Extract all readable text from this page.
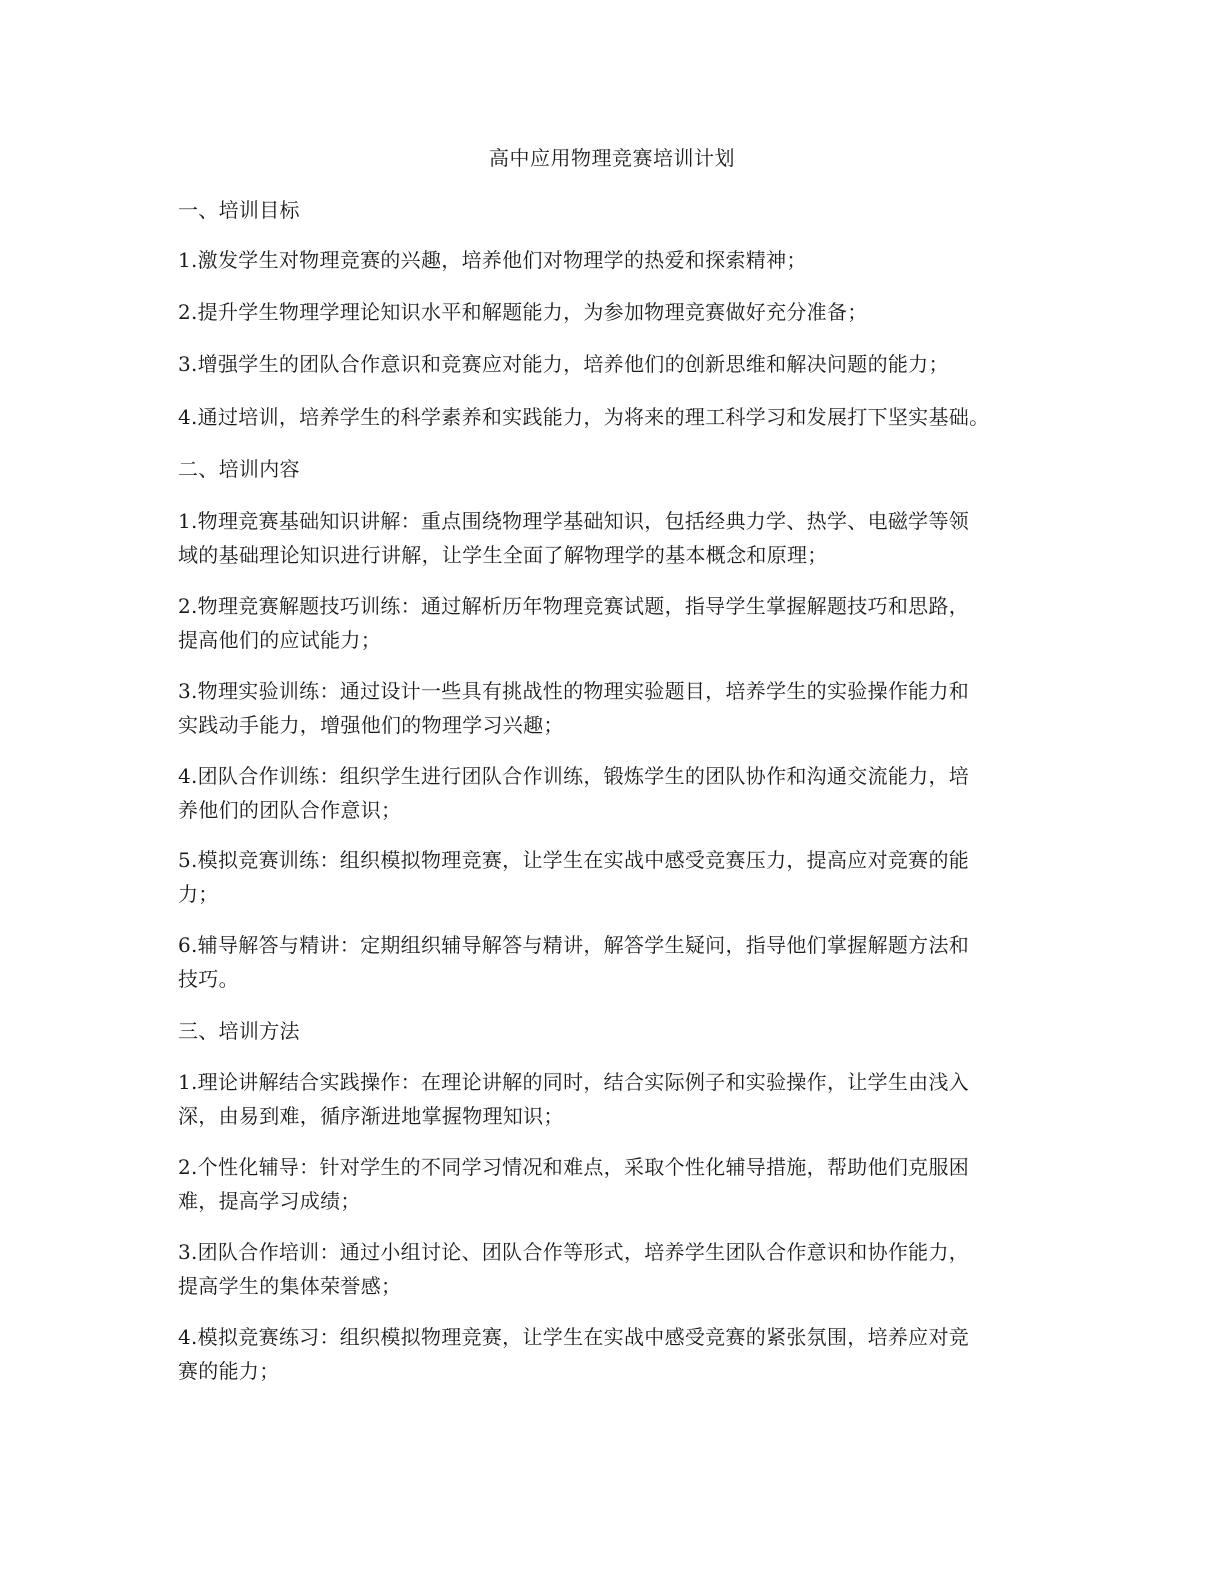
高中应用物理竞赛培训计划
一、培训目标
1.激发学生对物理竞赛的兴趣，培养他们对物理学的热爱和探索精神；
2.提升学生物理学理论知识水平和解题能力，为参加物理竞赛做好充分准备；
3.增强学生的团队合作意识和竞赛应对能力，培养他们的创新思维和解决问题的能力；
4.通过培训，培养学生的科学素养和实践能力，为将来的理工科学习和发展打下坚实基础。
二、培训内容
1.物理竞赛基础知识讲解：重点围绕物理学基础知识，包括经典力学、热学、电磁学等领
域的基础理论知识进行讲解，让学生全面了解物理学的基本概念和原理；
2.物理竞赛解题技巧训练：通过解析历年物理竞赛试题，指导学生掌握解题技巧和思路，
提高他们的应试能力；
3.物理实验训练：通过设计一些具有挑战性的物理实验题目，培养学生的实验操作能力和
实践动手能力，增强他们的物理学习兴趣；
4.团队合作训练：组织学生进行团队合作训练，锻炼学生的团队协作和沟通交流能力，培
养他们的团队合作意识；
5.模拟竞赛训练：组织模拟物理竞赛，让学生在实战中感受竞赛压力，提高应对竞赛的能
力；
6.辅导解答与精讲：定期组织辅导解答与精讲，解答学生疑问，指导他们掌握解题方法和
技巧。
三、培训方法
1.理论讲解结合实践操作：在理论讲解的同时，结合实际例子和实验操作，让学生由浅入
深，由易到难，循序渐进地掌握物理知识；
2.个性化辅导：针对学生的不同学习情况和难点，采取个性化辅导措施，帮助他们克服困
难，提高学习成绩；
3.团队合作培训：通过小组讨论、团队合作等形式，培养学生团队合作意识和协作能力，
提高学生的集体荣誉感；
4.模拟竞赛练习：组织模拟物理竞赛，让学生在实战中感受竞赛的紧张氛围，培养应对竞
赛的能力；
